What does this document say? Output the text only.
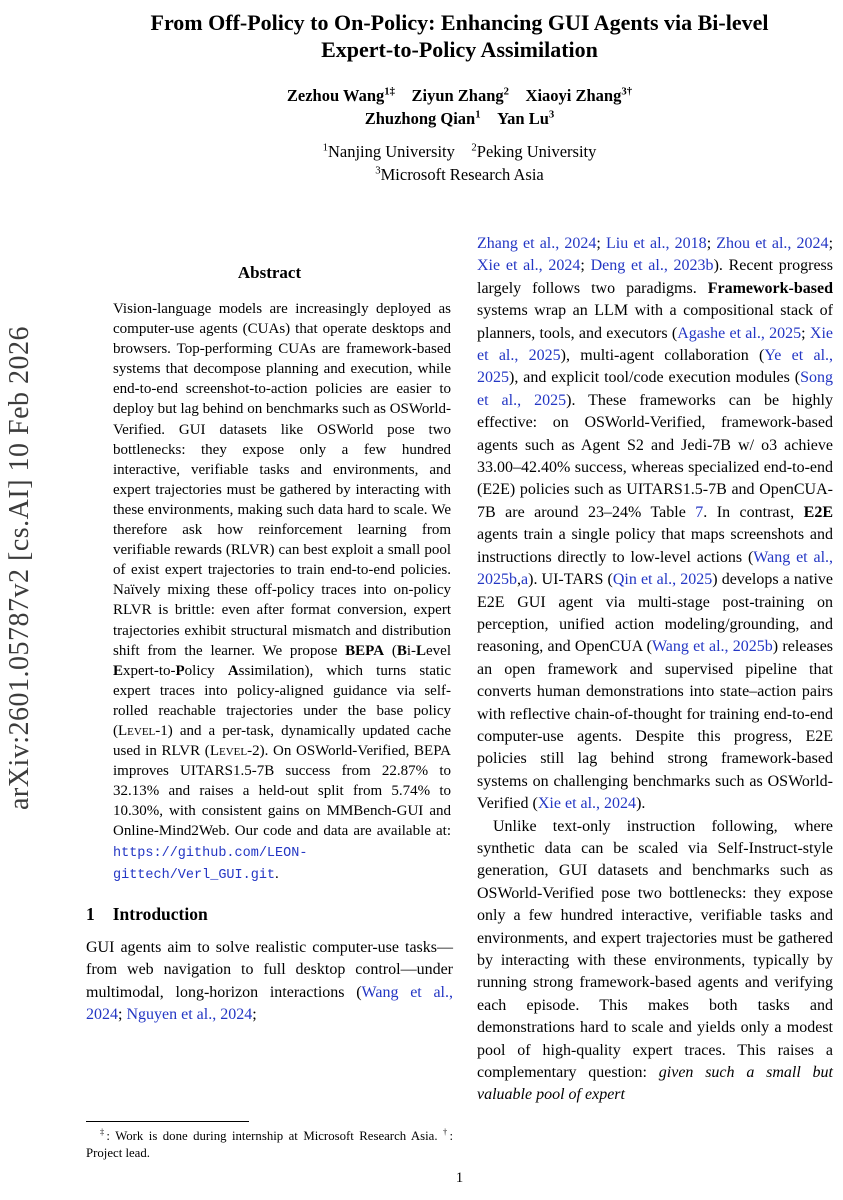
arXiv:2601.05787v2 [cs.AI] 10 Feb 2026
From Off-Policy to On-Policy: Enhancing GUI Agents via Bi-level Expert-to-Policy Assimilation
Zezhou Wang$^{1\ddagger}$  Ziyun Zhang$^2$  Xiaoyi Zhang$^{3\dagger}$
Zhuzhong Qian$^1$  Yan Lu$^3$
$^1$Nanjing University  $^2$Peking University
$^3$Microsoft Research Asia
Abstract
Vision-language models are increasingly deployed as computer-use agents (CUAs) that operate desktops and browsers. Top-performing CUAs are framework-based systems that decompose planning and execution, while end-to-end screenshot-to-action policies are easier to deploy but lag behind on benchmarks such as OSWorld-Verified. GUI datasets like OSWorld pose two bottlenecks: they expose only a few hundred interactive, verifiable tasks and environments, and expert trajectories must be gathered by interacting with these environments, making such data hard to scale. We therefore ask how reinforcement learning from verifiable rewards (RLVR) can best exploit a small pool of exist expert trajectories to train end-to-end policies. Naïvely mixing these off-policy traces into on-policy RLVR is brittle: even after format conversion, expert trajectories exhibit structural mismatch and distribution shift from the learner. We propose BEPA (Bi-Level Expert-to-Policy Assimilation), which turns static expert traces into policy-aligned guidance via self-rolled reachable trajectories under the base policy (Level-1) and a per-task, dynamically updated cache used in RLVR (Level-2). On OSWorld-Verified, BEPA improves UITARS1.5-7B success from 22.87% to 32.13% and raises a held-out split from 5.74% to 10.30%, with consistent gains on MMBench-GUI and Online-Mind2Web. Our code and data are available at: https://github.com/LEON-gittech/Verl_GUI.git.
1 Introduction
GUI agents aim to solve realistic computer-use tasks—from web navigation to full desktop control—under multimodal, long-horizon interactions (Wang et al., 2024; Nguyen et al., 2024;
‡: Work is done during internship at Microsoft Research Asia. †: Project lead.
Zhang et al., 2024; Liu et al., 2018; Zhou et al., 2024; Xie et al., 2024; Deng et al., 2023b). Recent progress largely follows two paradigms. Framework-based systems wrap an LLM with a compositional stack of planners, tools, and executors (Agashe et al., 2025; Xie et al., 2025), multi-agent collaboration (Ye et al., 2025), and explicit tool/code execution modules (Song et al., 2025). These frameworks can be highly effective: on OSWorld-Verified, framework-based agents such as Agent S2 and Jedi-7B w/ o3 achieve 33.00–42.40% success, whereas specialized end-to-end (E2E) policies such as UITARS1.5-7B and OpenCUA-7B are around 23–24% Table 7. In contrast, E2E agents train a single policy that maps screenshots and instructions directly to low-level actions (Wang et al., 2025b,a). UI-TARS (Qin et al., 2025) develops a native E2E GUI agent via multi-stage post-training on perception, unified action modeling/grounding, and reasoning, and OpenCUA (Wang et al., 2025b) releases an open framework and supervised pipeline that converts human demonstrations into state–action pairs with reflective chain-of-thought for training end-to-end computer-use agents. Despite this progress, E2E policies still lag behind strong framework-based systems on challenging benchmarks such as OSWorld-Verified (Xie et al., 2024).
Unlike text-only instruction following, where synthetic data can be scaled via Self-Instruct-style generation, GUI datasets and benchmarks such as OSWorld-Verified pose two bottlenecks: they expose only a few hundred interactive, verifiable tasks and environments, and expert trajectories must be gathered by interacting with these environments, typically by running strong framework-based agents and verifying each episode. This makes both tasks and demonstrations hard to scale and yields only a modest pool of high-quality expert traces. This raises a complementary question: given such a small but valuable pool of expert
1
